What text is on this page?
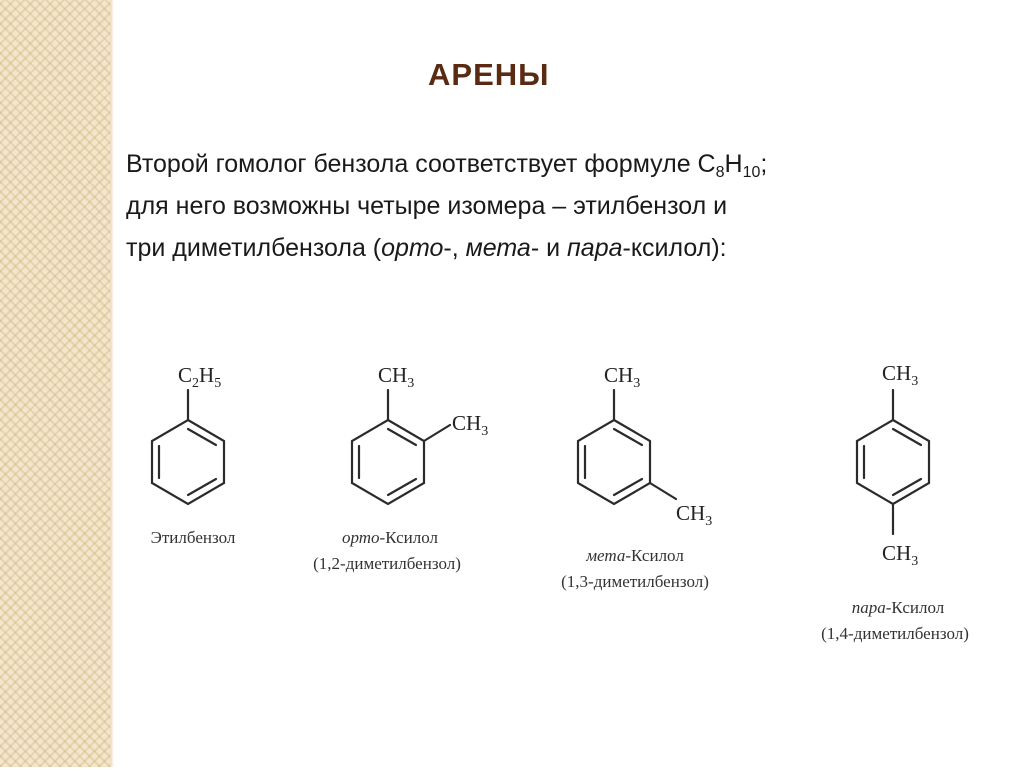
АРЕНЫ
Второй гомолог бензола соответствует формуле $С_8Н_{10}$;
для него возможны четыре изомера – этилбензол и
три диметилбензола (орто-, мета- и пара-ксилол):
$C_2H_5$	$CH_3$
$CH_3$
$CH_3$
$CH_3$
$CH_3$
$CH_3$
Этилбензол	орто-Ксилол
(1,2-диметилбензол)	мета-Ксилол
(1,3-диметилбензол)
пара-Ксилол
(1,4-диметилбензол)
